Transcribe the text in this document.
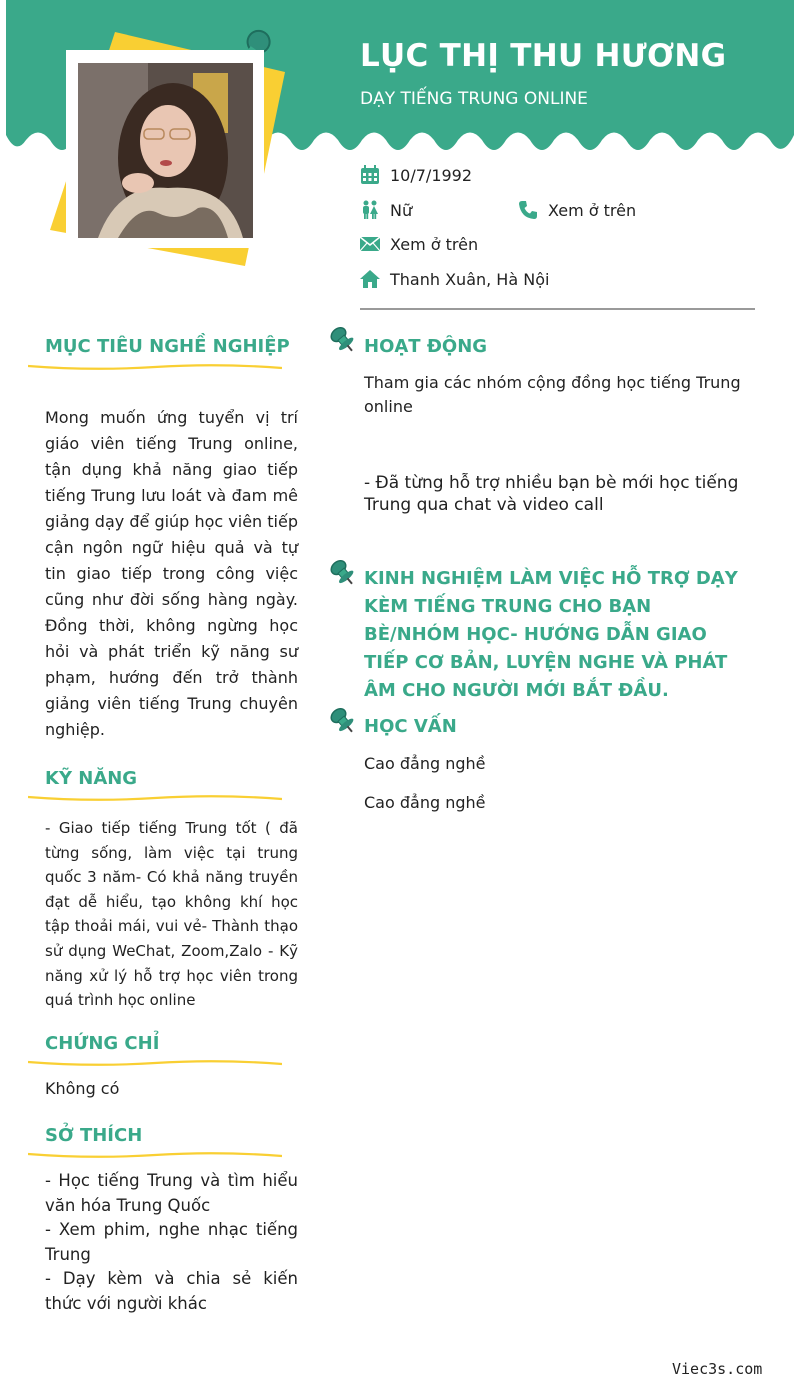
LỤC THỊ THU HƯƠNG
DẠY TIẾNG TRUNG ONLINE
10/7/1992
Nữ	Xem ở trên
Xem ở trên
Thanh Xuân, Hà Nội
MỤC TIÊU NGHỀ NGHIỆP
Mong muốn ứng tuyển vị trí giáo viên tiếng Trung online, tận dụng khả năng giao tiếp tiếng Trung lưu loát và đam mê giảng dạy để giúp học viên tiếp cận ngôn ngữ hiệu quả và tự tin giao tiếp trong công việc cũng như đời sống hàng ngày. Đồng thời, không ngừng học hỏi và phát triển kỹ năng sư phạm, hướng đến trở thành giảng viên tiếng Trung chuyên nghiệp.
KỸ NĂNG
- Giao tiếp tiếng Trung tốt ( đã từng sống, làm việc tại trung quốc 3 năm- Có khả năng truyền đạt dễ hiểu, tạo không khí học tập thoải mái, vui vẻ- Thành thạo sử dụng WeChat, Zoom,Zalo - Kỹ năng xử lý hỗ trợ học viên trong quá trình học online
CHỨNG CHỈ
Không có
SỞ THÍCH
- Học tiếng Trung và tìm hiểu văn hóa Trung Quốc
- Xem phim, nghe nhạc tiếng Trung
- Dạy kèm và chia sẻ kiến thức với người khác
HOẠT ĐỘNG
Tham gia các nhóm cộng đồng học tiếng Trung online
- Đã từng hỗ trợ nhiều bạn bè mới học tiếng Trung qua chat và video call
KINH NGHIỆM LÀM VIỆC HỖ TRỢ DẠY KÈM TIẾNG TRUNG CHO BẠN BÈ/NHÓM HỌC- HƯỚNG DẪN GIAO TIẾP CƠ BẢN, LUYỆN NGHE VÀ PHÁT ÂM CHO NGƯỜI MỚI BẮT ĐẦU.
HỌC VẤN
Cao đẳng nghề
Cao đẳng nghề
Viec3s.com
